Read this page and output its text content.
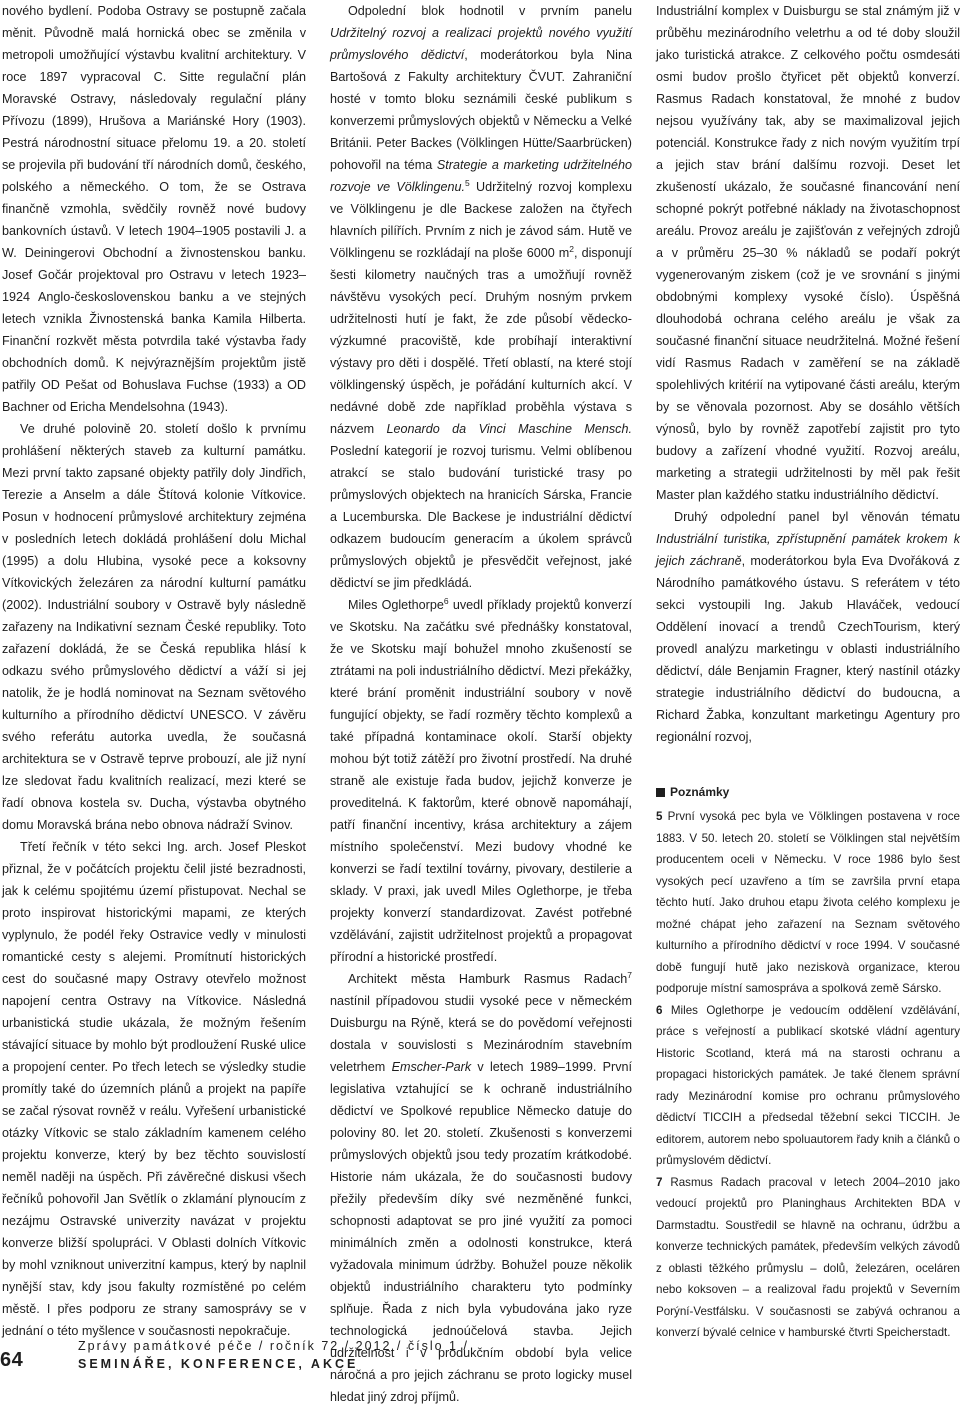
nového bydlení. Podoba Ostravy se postupně začala měnit. Původně malá hornická obec se změnila v metropoli umožňující výstavbu kvalitní architektury. V roce 1897 vypracoval C. Sitte regulační plán Moravské Ostravy, následovaly regulační plány Přívozu (1899), Hrušova a Mariánské Hory (1903). Pestrá národnostní situace přelomu 19. a 20. století se projevila při budování tří národních domů, českého, polského a německého. O tom, že se Ostrava finančně vzmohla, svědčily rovněž nové budovy bankovních ústavů. V letech 1904–1905 postavili J. a W. Deiningerovi Obchodní a živnostenskou banku. Josef Gočár projektoval pro Ostravu v letech 1923–1924 Anglo-československou banku a ve stejných letech vznikla Živnostenská banka Kamila Hilberta. Finanční rozkvět města potvrdila také výstavba řady obchodních domů. K nejvýraznějším projektům jistě patřily OD Pešat od Bohuslava Fuchse (1933) a OD Bachner od Ericha Mendelsohna (1943).

Ve druhé polovině 20. století došlo k prvnímu prohlášení některých staveb za kulturní památku. Mezi první takto zapsané objekty patřily doly Jindřich, Terezie a Anselm a dále Štítová kolonie Vítkovice. Posun v hodnocení průmyslové architektury zejména v posledních letech dokládá prohlášení dolu Michal (1995) a dolu Hlubina, vysoké pece a koksovny Vítkovických železáren za národní kulturní památku (2002). Industriální soubory v Ostravě byly následně zařazeny na Indikativní seznam České republiky. Toto zařazení dokládá, že se Česká republika hlásí k odkazu svého průmyslového dědictví a váží si jej natolik, že je hodlá nominovat na Seznam světového kulturního a přírodního dědictví UNESCO. V závěru svého referátu autorka uvedla, že současná architektura se v Ostravě teprve probouzí, ale již nyní lze sledovat řadu kvalitních realizací, mezi které se řadí obnova kostela sv. Ducha, výstavba obytného domu Moravská brána nebo obnova nádraží Svinov.

Třetí řečník v této sekci Ing. arch. Josef Pleskot přiznal, že v počátcích projektu čelil jisté bezradnosti, jak k celému spojitému území přistupovat. Nechal se proto inspirovat historickými mapami, ze kterých vyplynulo, že podél řeky Ostravice vedly v minulosti romantické cesty s alejemi. Promítnutí historických cest do současné mapy Ostravy otevřelo možnost napojení centra Ostravy na Vítkovice. Následná urbanistická studie ukázala, že možným řešením stávající situace by mohlo být prodloužení Ruské ulice a propojení center. Po třech letech se výsledky studie promítly také do územních plánů a projekt na papíře se začal rýsovat rovněž v reálu. Vyřešení urbanistické otázky Vítkovic se stalo základním kamenem celého projektu konverze, který by bez těchto souvislostí neměl naději na úspěch. Při závěrečné diskusi všech řečníků pohovořil Jan Světlík o zklamání plynoucím z nezájmu Ostravské univerzity navázat v projektu konverze bližší spolupráci. V Oblasti dolních Vítkovic by mohl vzniknout univerzitní kampus, který by naplnil nynější stav, kdy jsou fakulty rozmístěné po celém městě. I přes podporu ze strany samosprávy se v jednání o této myšlence v současnosti nepokračuje.

Odpolední blok hodnotil v prvním panelu Udržitelný rozvoj a realizaci projektů nového využití průmyslového dědictví, moderátorkou byla Nina Bartošová z Fakulty architektury ČVUT. Zahraniční hosté v tomto bloku seznámili české publikum s konverzemi průmyslových objektů v Německu a Velké Británii. Peter Backes (Völklingen Hütte/Saarbrücken) pohovořil na téma Strategie a marketing udržitelného rozvoje ve Völklingenu.$^5$ Udržitelný rozvoj komplexu ve Völklingenu je dle Backese založen na čtyřech hlavních pilířích. Prvním z nich je závod sám. Hutě ve Völklingenu se rozkládají na ploše 6000 $m^2$, disponují šesti kilometry naučných tras a umožňují rovněž návštěvu vysokých pecí. Druhým nosným prvkem udržitelnosti hutí je fakt, že zde působí vědecko-výzkumné pracoviště, kde probíhají interaktivní výstavy pro děti i dospělé. Třetí oblastí, na které stojí völklingenský úspěch, je pořádání kulturních akcí. V nedávné době zde například proběhla výstava s názvem Leonardo da Vinci Maschine Mensch. Poslední kategorií je rozvoj turismu. Velmi oblíbenou atrakcí se stalo budování turistické trasy po průmyslových objektech na hranicích Sárska, Francie a Lucemburska. Dle Backese je industriální dědictví odkazem budoucím generacím a úkolem správců průmyslových objektů je přesvědčit veřejnost, jaké dědictví se jim předkládá.

Miles Oglethorpe$^6$ uvedl příklady projektů konverzí ve Skotsku. Na začátku své přednášky konstatoval, že ve Skotsku mají bohužel mnoho zkušeností se ztrátami na poli industriálního dědictví. Mezi překážky, které brání proměnit industriální soubory v nově fungující objekty, se řadí rozměry těchto komplexů a také případná kontaminace okolí. Starší objekty mohou být totiž zátěží pro životní prostředí. Na druhé straně ale existuje řada budov, jejichž konverze je proveditelná. K faktorům, které obnově napomáhají, patří finanční incentivy, krása architektury a zájem místního společenství. Mezi budovy vhodné ke konverzi se řadí textilní továrny, pivovary, destilerie a sklady. V praxi, jak uvedl Miles Oglethorpe, je třeba projekty konverzí standardizovat. Zavést potřebné vzdělávání, zajistit udržitelnost projektů a propagovat přírodní a historické prostředí.

Architekt města Hamburk Rasmus Radach$^7$ nastínil případovou studii vysoké pece v německém Duisburgu na Rýně, která se do povědomí veřejnosti dostala v souvislosti s Mezinárodním stavebním veletrhem Emscher-Park v letech 1989–1999. První legislativa vztahující se k ochraně industriálního dědictví ve Spolkové republice Německo datuje do poloviny 80. let 20. století. Zkušenosti s konverzemi průmyslových objektů jsou tedy prozatím krátkodobé. Historie nám ukázala, že do současnosti budovy přežily především díky své nezměněné funkci, schopnosti adaptovat se pro jiné využití za pomoci minimálních změn a odolnosti konstrukce, která vyžadovala minimum údržby. Bohužel pouze několik objektů industriálního charakteru tyto podmínky splňuje. Řada z nich byla vybudována jako ryze technologická jednoúčelová stavba. Jejich udržitelnost i v produkčním období byla velice náročná a pro jejich záchranu se proto logicky musel hledat jiný zdroj příjmů.

Industriální komplex v Duisburgu se stal známým již v průběhu mezinárodního veletrhu a od té doby sloužil jako turistická atrakce. Z celkového počtu osmdesáti osmi budov prošlo čtyřicet pět objektů konverzí. Rasmus Radach konstatoval, že mnohé z budov nejsou využívány tak, aby se maximalizoval jejich potenciál. Konstrukce řady z nich novým využitím trpí a jejich stav brání dalšímu rozvoji. Deset let zkušeností ukázalo, že současné financování není schopné pokrýt potřebné náklady na životaschopnost areálu. Provoz areálu je zajišťován z veřejných zdrojů a v průměru 25–30 % nákladů se podaří pokrýt vygenerovaným ziskem (což je ve srovnání s jinými obdobnými komplexy vysoké číslo). Úspěšná dlouhodobá ochrana celého areálu je však za současné finanční situace neudržitelná. Možné řešení vidí Rasmus Radach v zaměření se na základě spolehlivých kritérií na vytipované části areálu, kterým by se věnovala pozornost. Aby se dosáhlo větších výnosů, bylo by rovněž zapotřebí zajistit pro tyto budovy a zařízení vhodné využití. Rozvoj areálu, marketing a strategii udržitelnosti by měl pak řešit Master plan každého statku industriálního dědictví.

Druhý odpolední panel byl věnován tématu Industriální turistika, zpřístupnění památek krokem k jejich záchraně, moderátorkou byla Eva Dvořáková z Národního památkového ústavu. S referátem v této sekci vystoupili Ing. Jakub Hlaváček, vedoucí Oddělení inovací a trendů CzechTourism, který provedl analýzu marketingu v oblasti industriálního dědictví, dále Benjamin Fragner, který nastínil otázky strategie industriálního dědictví do budoucna, a Richard Žabka, konzultant marketingu Agentury pro regionální rozvoj,

Poznámky

5 První vysoká pec byla ve Völklingen postavena v roce 1883. V 50. letech 20. století se Völklingen stal největším producentem oceli v Německu. V roce 1986 bylo šest vysokých pecí uzavřeno a tím se završila první etapa těchto hutí. Jako druhou etapu života celého komplexu je možné chápat jeho zařazení na Seznam světového kulturního a přírodního dědictví v roce 1994. V současné době fungují hutě jako neziskovà organizace, kterou podporuje místní samospráva a spolková země Sársko.

6 Miles Oglethorpe je vedoucím oddělení vzdělávání, práce s veřejností a publikací skotské vládní agentury Historic Scotland, která má na starosti ochranu a propagaci historických památek. Je také členem správní rady Mezinárodní komise pro ochranu průmyslového dědictví TICCIH a předsedal těžební sekci TICCIH. Je editorem, autorem nebo spoluautorem řady knih a článků o průmyslovém dědictví.

7 Rasmus Radach pracoval v letech 2004–2010 jako vedoucí projektů pro Planinghaus Architekten BDA v Darmstadtu. Soustředil se hlavně na ochranu, údržbu a konverze technických památek, především velkých závodů z oblasti těžkého průmyslu – dolů, železáren, oceláren nebo koksoven – a realizoval řadu projektů v Severním Porýní-Vestfálsku. V současnosti se zabývá ochranou a konverzí bývalé celnice v hamburské čtvrti Speicherstadt.

64
Zprávy památkové péče / ročník 72 / 2012 / číslo 1 /
SEMINÁŘE, KONFERENCE, AKCE
